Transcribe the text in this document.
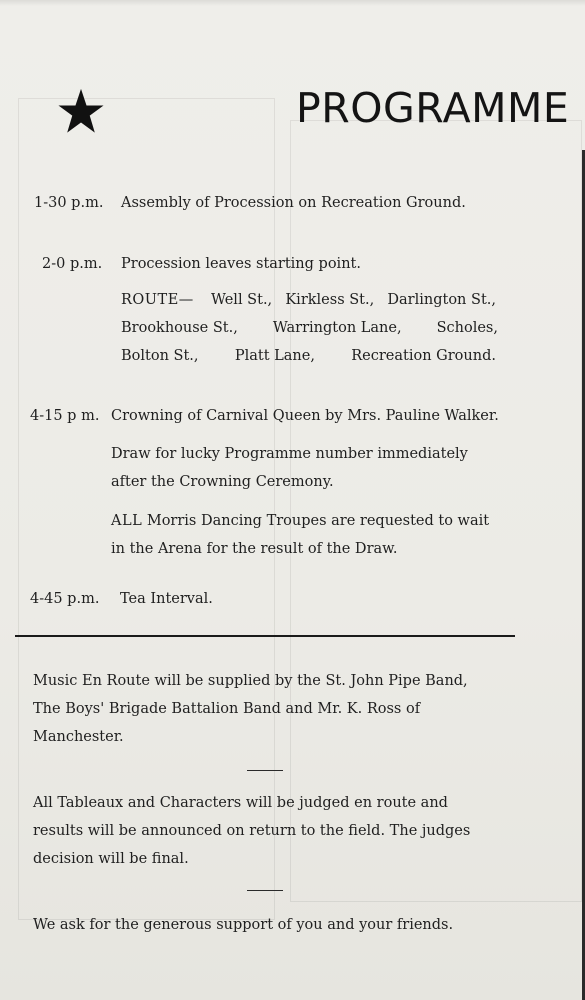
PROGRAMME
1-30 p.m. Assembly of Procession on Recreation Ground.
2-0 p.m. Procession leaves starting point.
ROUTE— Well St., Kirkless St., Darlington St.,
Brookhouse St., Warrington Lane, Scholes,
Bolton St.,	Platt Lane,	Recreation Ground.
4-15 p m. Crowning of Carnival Queen by Mrs. Pauline Walker.
Draw for lucky Programme number immediately
after the Crowning Ceremony.
ALL Morris Dancing Troupes are requested to wait
in the Arena for the result of the Draw.
4-45 p.m. Tea Interval.
Music En Route will be supplied by the St. John Pipe Band,
The Boys' Brigade Battalion Band and Mr. K. Ross of
Manchester.
All Tableaux and Characters will be judged en route and
results will be announced on return to the field. The judges
decision will be final.
We ask for the generous support of you and your friends.
